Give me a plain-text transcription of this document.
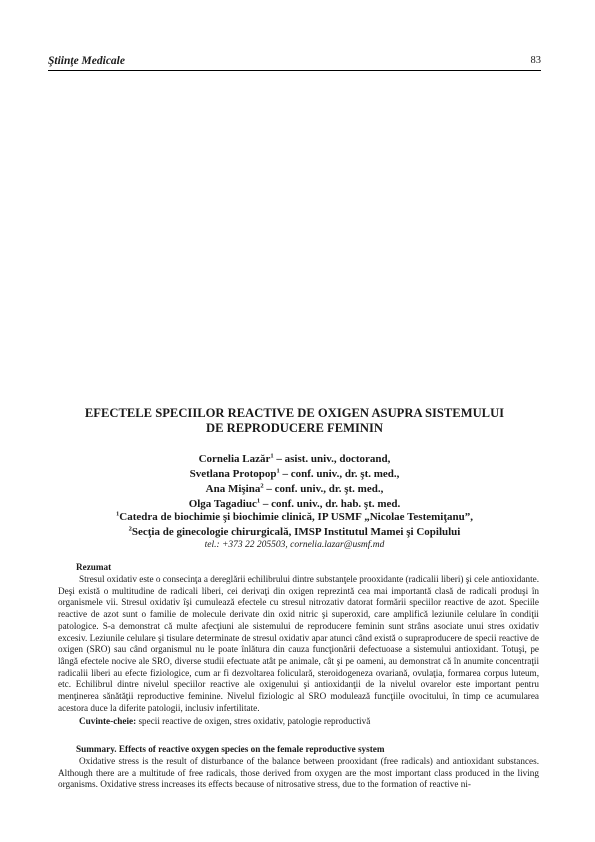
Ştiinţe Medicale	83
EFECTELE SPECIILOR REACTIVE DE OXIGEN ASUPRA SISTEMULUI
DE REPRODUCERE FEMININ
Cornelia Lazăr$^1$ – asist. univ., doctorand,
Svetlana Protopop$^1$ – conf. univ., dr. şt. med.,
Ana Mişina$^2$ – conf. univ., dr. şt. med.,
Olga Tagadiuc$^1$ – conf. univ., dr. hab. şt. med.
$^1$Catedra de biochimie şi biochimie clinică, IP USMF „Nicolae Testemiţanu”,
$^2$Secţia de ginecologie chirurgicală, IMSP Institutul Mamei şi Copilului
tel.: +373 22 205503, cornelia.lazar@usmf.md
Rezumat

Stresul oxidativ este o consecinţa a dereglării echilibrului dintre substanţele prooxidante (radicalii liberi) şi cele antioxidante. Deşi există o multitudine de radicali liberi, cei derivaţi din oxigen reprezintă cea mai importantă clasă de radicali produşi în organismele vii. Stresul oxidativ îşi cumulează efectele cu stresul nitrozativ datorat formării speciilor reactive de azot. Speciile reactive de azot sunt o familie de molecule derivate din oxid nitric şi superoxid, care amplifică leziunile celulare în condiţii patologice. S-a demonstrat că multe afecţiuni ale sistemului de reproducere feminin sunt strâns asociate unui stres oxidativ excesiv. Leziunile celulare şi tisulare determinate de stresul oxidativ apar atunci când există o supraproducere de specii reactive de oxigen (SRO) sau când organismul nu le poate înlătura din cauza funcţionării defectuoase a sistemului antioxidant. Totuşi, pe lângă efectele nocive ale SRO, diverse studii efectuate atât pe animale, cât şi pe oameni, au demonstrat că în anumite concentraţii radicalii liberi au efecte fiziologice, cum ar fi dezvoltarea foliculară, steroidogeneza ovariană, ovulaţia, formarea corpus luteum, etc. Echilibrul dintre nivelul speciilor reactive ale oxigenului şi antioxidanţii de la nivelul ovarelor este important pentru menţinerea sănătăţii reproductive feminine. Nivelul fiziologic al SRO modulează funcţiile ovocitului, în timp ce acumularea acestora duce la diferite patologii, inclusiv infertilitate.

Cuvinte-cheie: specii reactive de oxigen, stres oxidativ, patologie reproductivă
Summary. Effects of reactive oxygen species on the female reproductive system

Oxidative stress is the result of disturbance of the balance between prooxidant (free radicals) and antioxidant substances. Although there are a multitude of free radicals, those derived from oxygen are the most important class produced in the living organisms. Oxidative stress increases its effects because of nitrosative stress, due to the formation of reactive ni-
